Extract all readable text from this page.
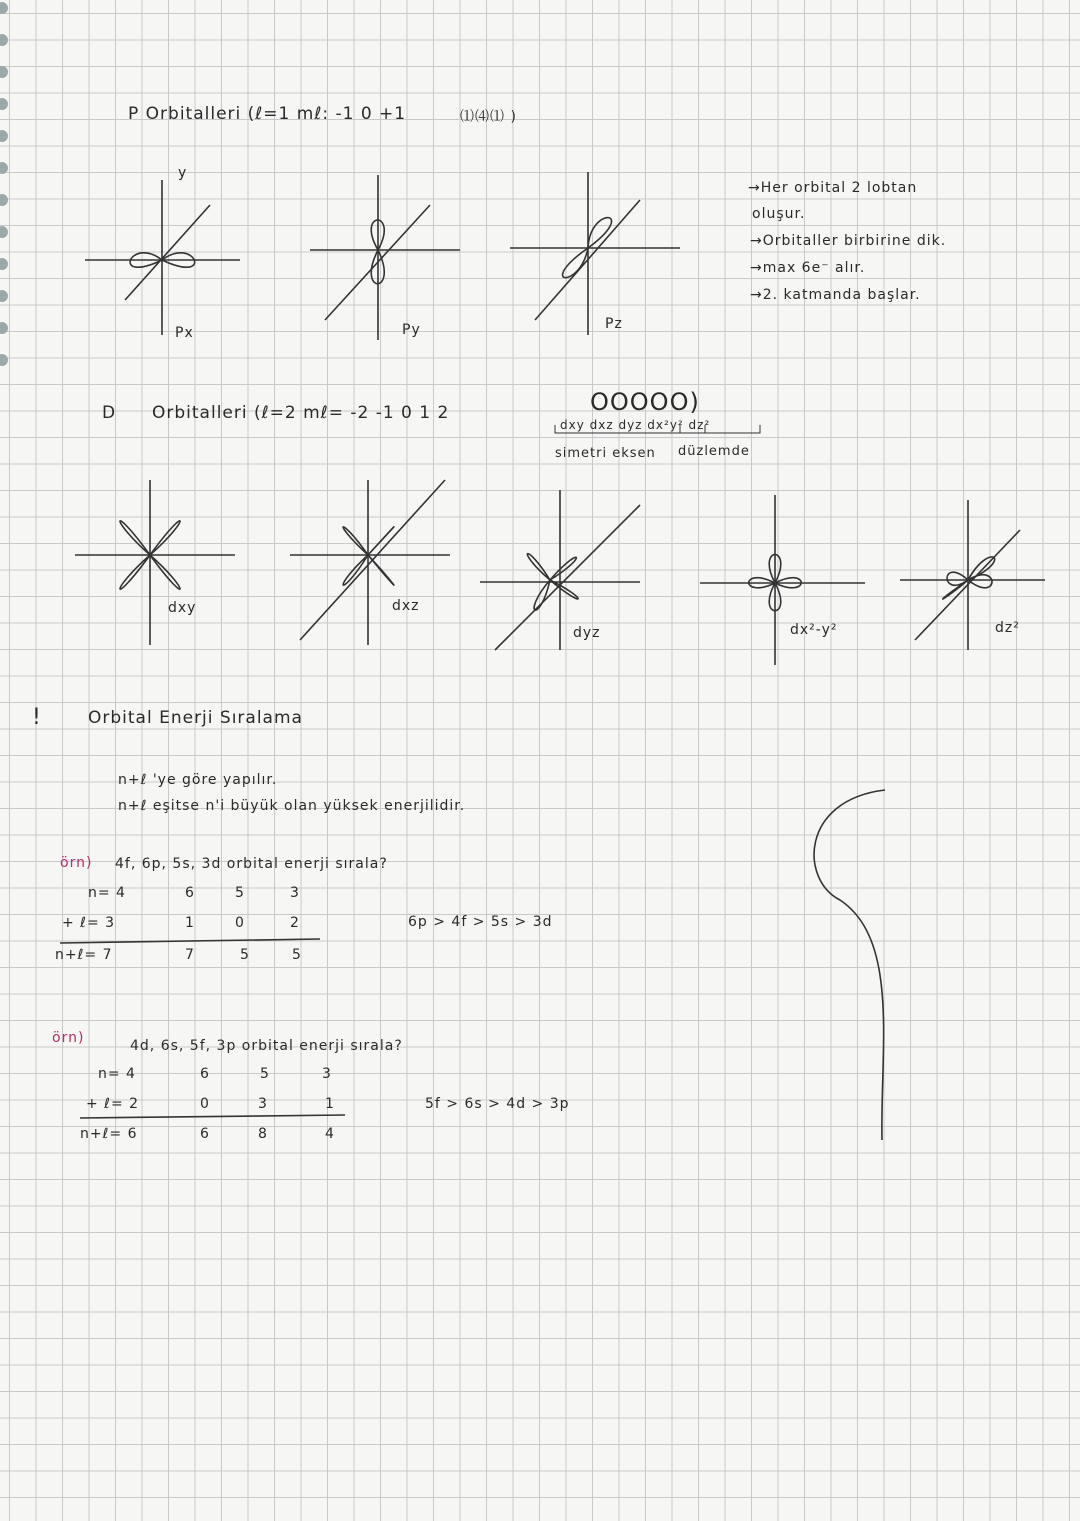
P Orbitalleri (ℓ=1 mℓ: -1 0 +1	⑴⑷⑴ )
y
Px	Py	Pz
→Her orbital 2 lobtan
oluşur.
→Orbitaller birbirine dik.
→max 6e⁻ alır.
→2. katmanda başlar.
D Orbitalleri (ℓ=2 mℓ= -2 -1 0 1 2	OOOOO)
dxy dxz dyz dx²y² dz²
simetri eksen düzlemde
dxy	dxz
dyz	dx²-y²	dz²
!	Orbital Enerji Sıralama
n+ℓ 'ye göre yapılır.
n+ℓ eşitse n'i büyük olan yüksek enerjilidir.
örn) 4f, 6p, 5s, 3d orbital enerji sırala?
n= 4	6	5	3
+ ℓ= 3	1	0	2
n+ℓ= 7	7	5	5
6p > 4f > 5s > 3d
örn)	4d, 6s, 5f, 3p orbital enerji sırala?
n= 4	6	5	3
+ ℓ= 2	0	3	1
n+ℓ= 6	6	8	4
5f > 6s > 4d > 3p
